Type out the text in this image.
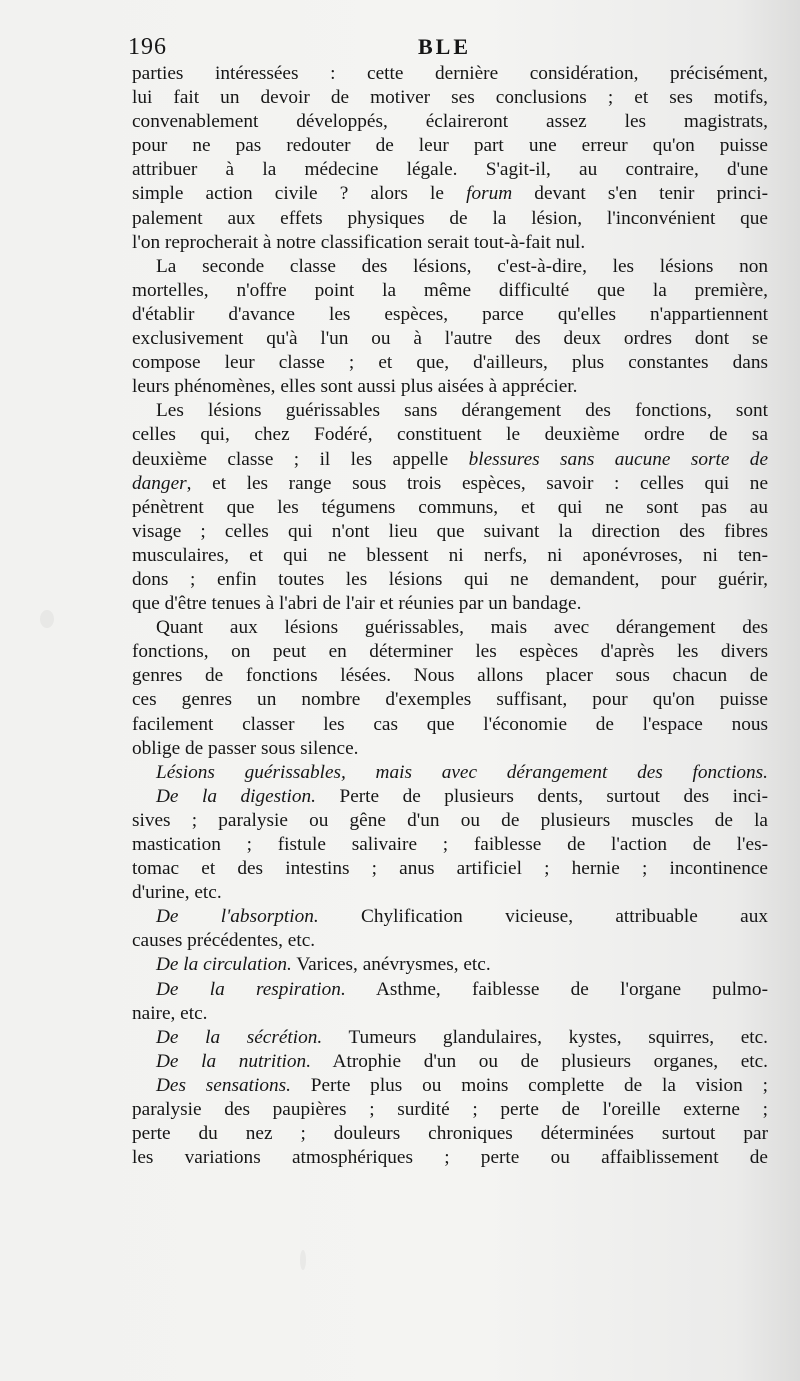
196	BLE
parties intéressées : cette dernière considération, précisément,
lui fait un devoir de motiver ses conclusions ; et ses motifs,
convenablement développés, éclaireront assez les magistrats,
pour ne pas redouter de leur part une erreur qu'on puisse
attribuer à la médecine légale. S'agit-il, au contraire, d'une
simple action civile ? alors le forum devant s'en tenir princi-
palement aux effets physiques de la lésion, l'inconvénient que
l'on reprocherait à notre classification serait tout-à-fait nul.
La seconde classe des lésions, c'est-à-dire, les lésions non
mortelles, n'offre point la même difficulté que la première,
d'établir d'avance les espèces, parce qu'elles n'appartiennent
exclusivement qu'à l'un ou à l'autre des deux ordres dont se
compose leur classe ; et que, d'ailleurs, plus constantes dans
leurs phénomènes, elles sont aussi plus aisées à apprécier.
Les lésions guérissables sans dérangement des fonctions, sont
celles qui, chez Fodéré, constituent le deuxième ordre de sa
deuxième classe ; il les appelle blessures sans aucune sorte de
danger, et les range sous trois espèces, savoir : celles qui ne
pénètrent que les tégumens communs, et qui ne sont pas au
visage ; celles qui n'ont lieu que suivant la direction des fibres
musculaires, et qui ne blessent ni nerfs, ni aponévroses, ni ten-
dons ; enfin toutes les lésions qui ne demandent, pour guérir,
que d'être tenues à l'abri de l'air et réunies par un bandage.
Quant aux lésions guérissables, mais avec dérangement des
fonctions, on peut en déterminer les espèces d'après les divers
genres de fonctions lésées. Nous allons placer sous chacun de
ces genres un nombre d'exemples suffisant, pour qu'on puisse
facilement classer les cas que l'économie de l'espace nous
oblige de passer sous silence.
Lésions guérissables, mais avec dérangement des fonctions.
De la digestion. Perte de plusieurs dents, surtout des inci-
sives ; paralysie ou gêne d'un ou de plusieurs muscles de la
mastication ; fistule salivaire ; faiblesse de l'action de l'es-
tomac et des intestins ; anus artificiel ; hernie ; incontinence
d'urine, etc.
De l'absorption. Chylification vicieuse, attribuable aux
causes précédentes, etc.
De la circulation. Varices, anévrysmes, etc.
De la respiration. Asthme, faiblesse de l'organe pulmo-
naire, etc.
De la sécrétion. Tumeurs glandulaires, kystes, squirres, etc.
De la nutrition. Atrophie d'un ou de plusieurs organes, etc.
Des sensations. Perte plus ou moins complette de la vision ;
paralysie des paupières ; surdité ; perte de l'oreille externe ;
perte du nez ; douleurs chroniques déterminées surtout par
les variations atmosphériques ; perte ou affaiblissement de
